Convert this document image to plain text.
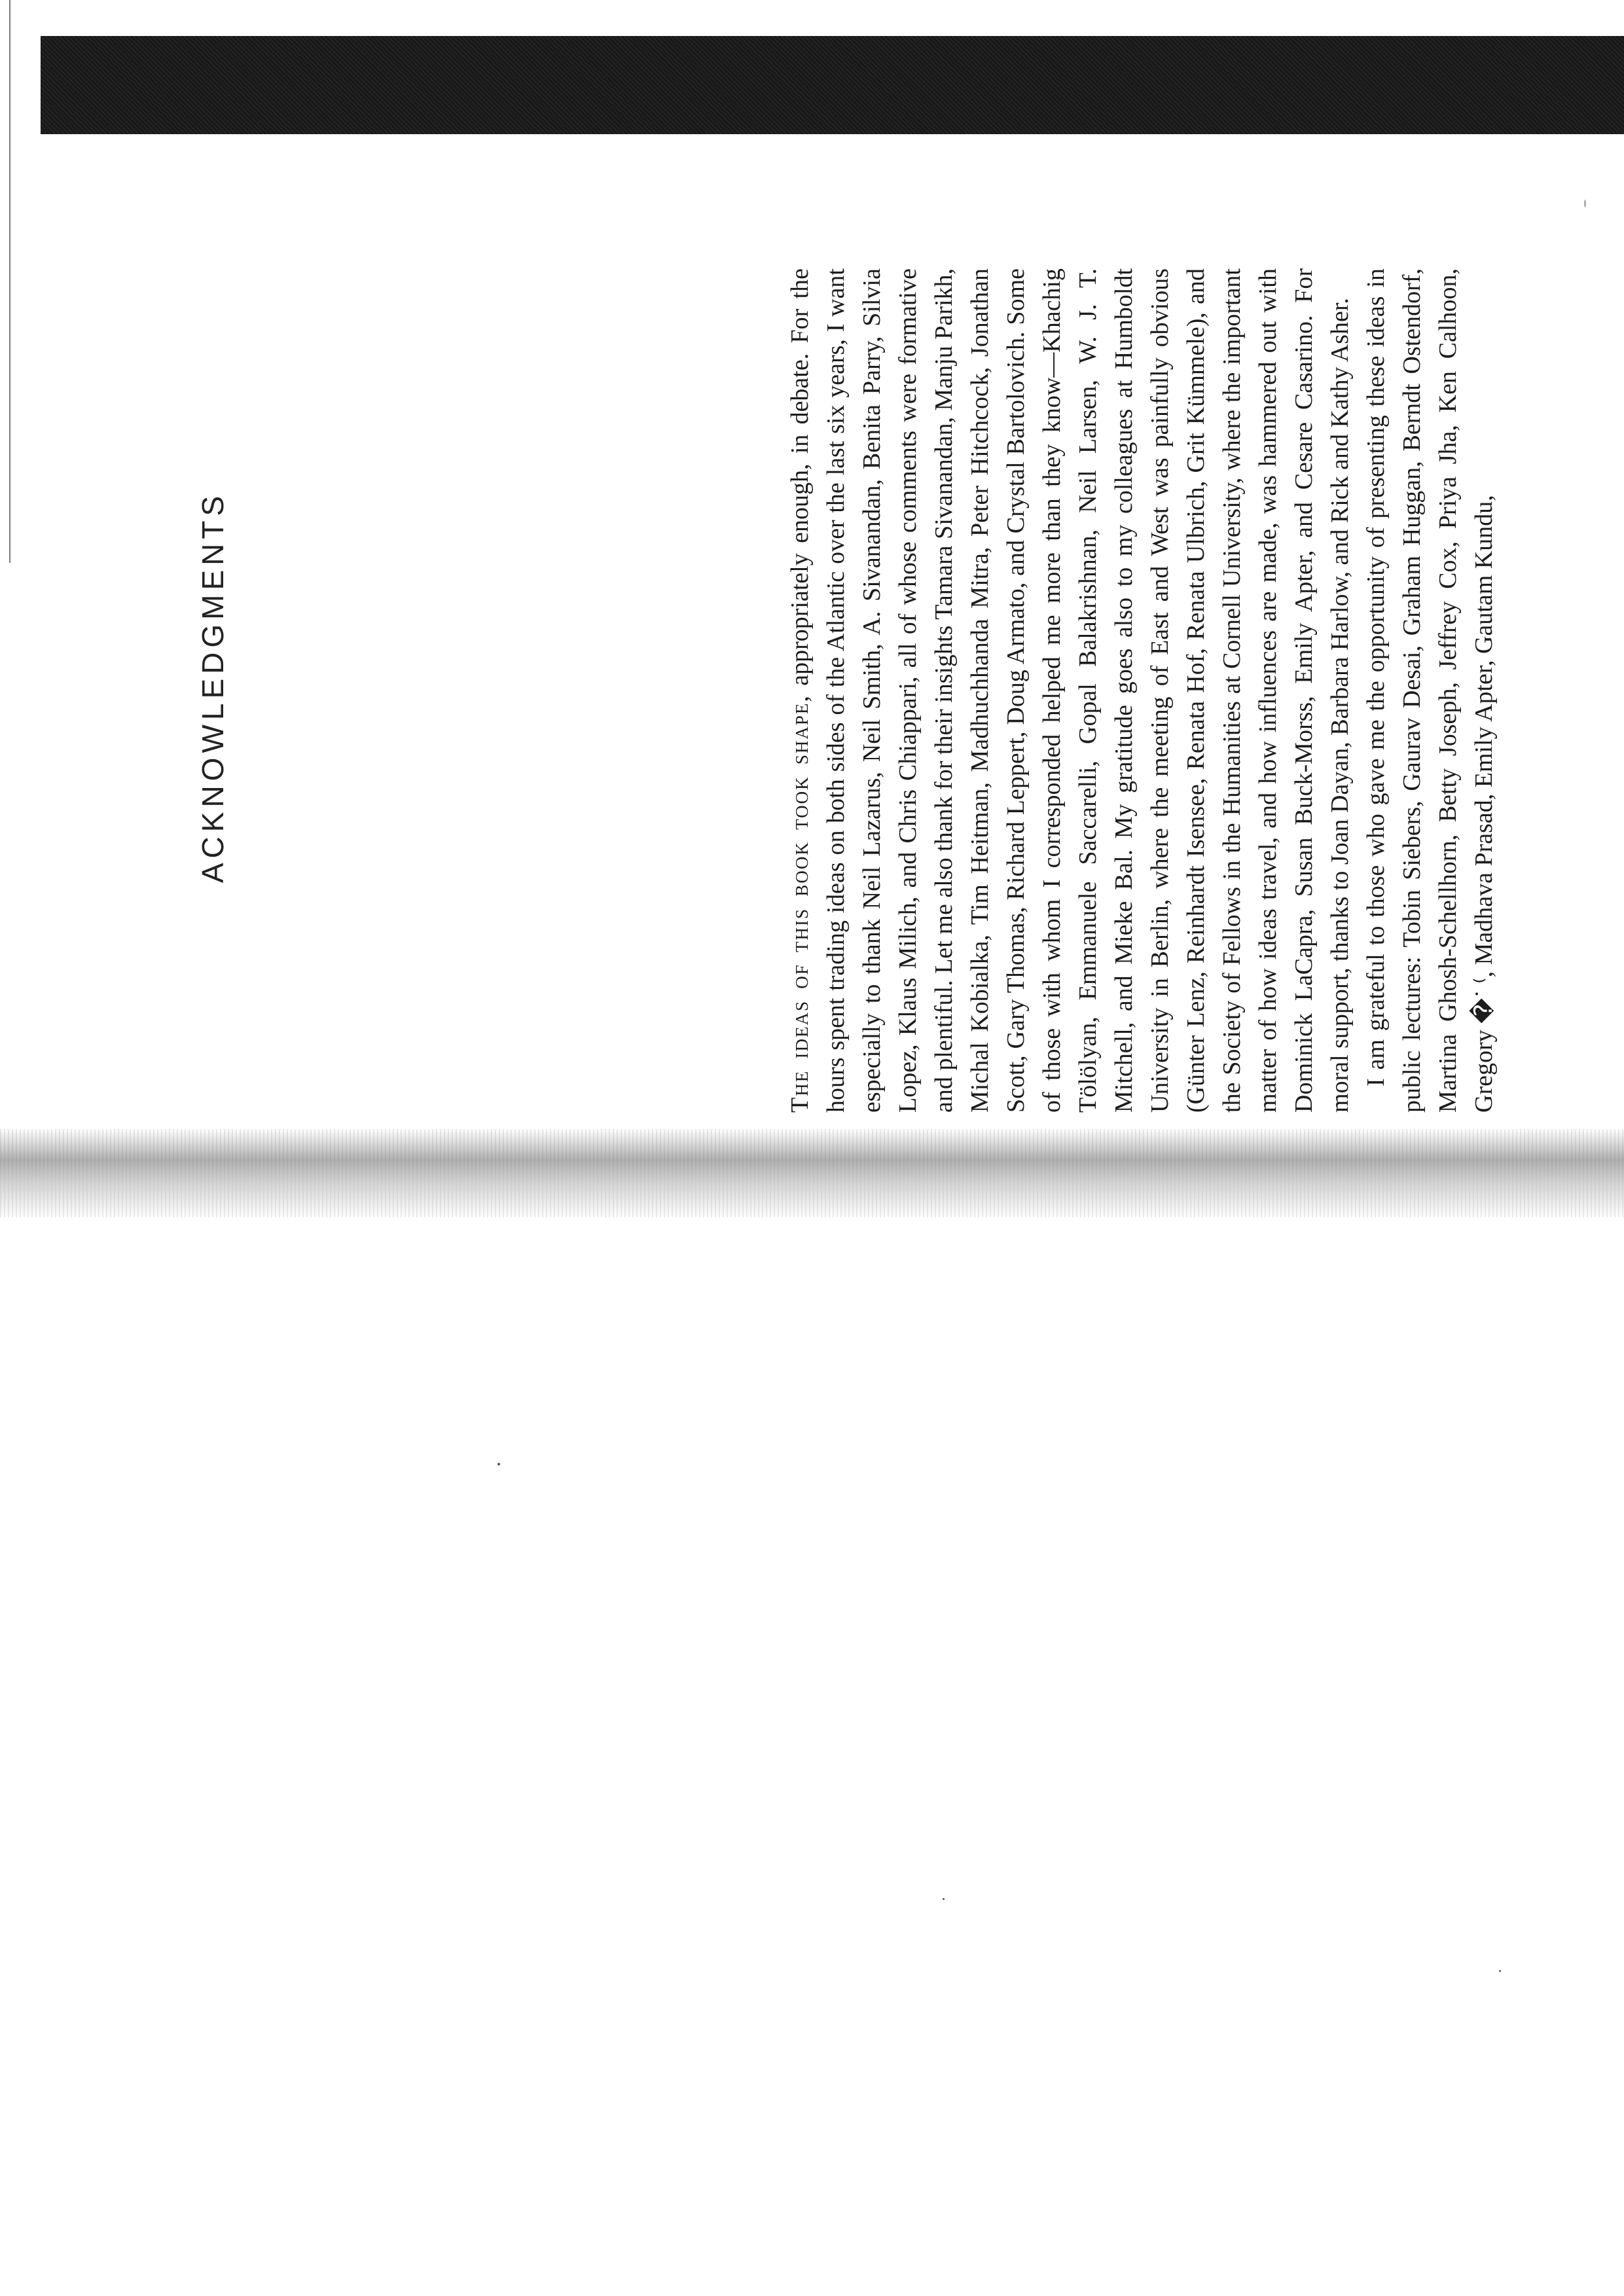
ACKNOWLEDGMENTS

The ideas of this book took shape, appropriately enough, in debate. For the hours spent trading ideas on both sides of the Atlantic over the last six years, I want especially to thank Neil Lazarus, Neil Smith, A. Sivanandan, Benita Parry, Silvia Lopez, Klaus Milich, and Chris Chiappari, all of whose comments were formative and plentiful. Let me also thank for their insights Tamara Sivanandan, Manju Parikh, Michal Kobialka, Tim Heitman, Madhuchhanda Mitra, Peter Hitchcock, Jonathan Scott, Gary Thomas, Richard Leppert, Doug Armato, and Crystal Bartolovich. Some of those with whom I corresponded helped me more than they know—Khachig Tölölyan, Emmanuele Saccarelli, Gopal Balakrishnan, Neil Larsen, W. J. T. Mitchell, and Mieke Bal. My gratitude goes also to my colleagues at Humboldt University in Berlin, where the meeting of East and West was painfully obvious (Günter Lenz, Reinhardt Isensee, Renata Hof, Renata Ulbrich, Grit Kümmele), and the Society of Fellows in the Humanities at Cornell University, where the important matter of how ideas travel, and how influences are made, was hammered out with Dominick LaCapra, Susan Buck-Morss, Emily Apter, and Cesare Casarino. For moral support, thanks to Joan Dayan, Barbara Harlow, and Rick and Kathy Asher. I am grateful to those who gave me the opportunity of presenting these ideas in public lectures: Tobin Siebers, Gaurav Desai, Graham Huggan, Berndt Ostendorf, Martina Ghosh-Schellhorn, Betty Joseph, Jeffrey Cox, Priya Jha, Ken Calhoon, Gregory �˙ ⁽, Madhava Prasad, Emily Apter, Gautam Kundu,
